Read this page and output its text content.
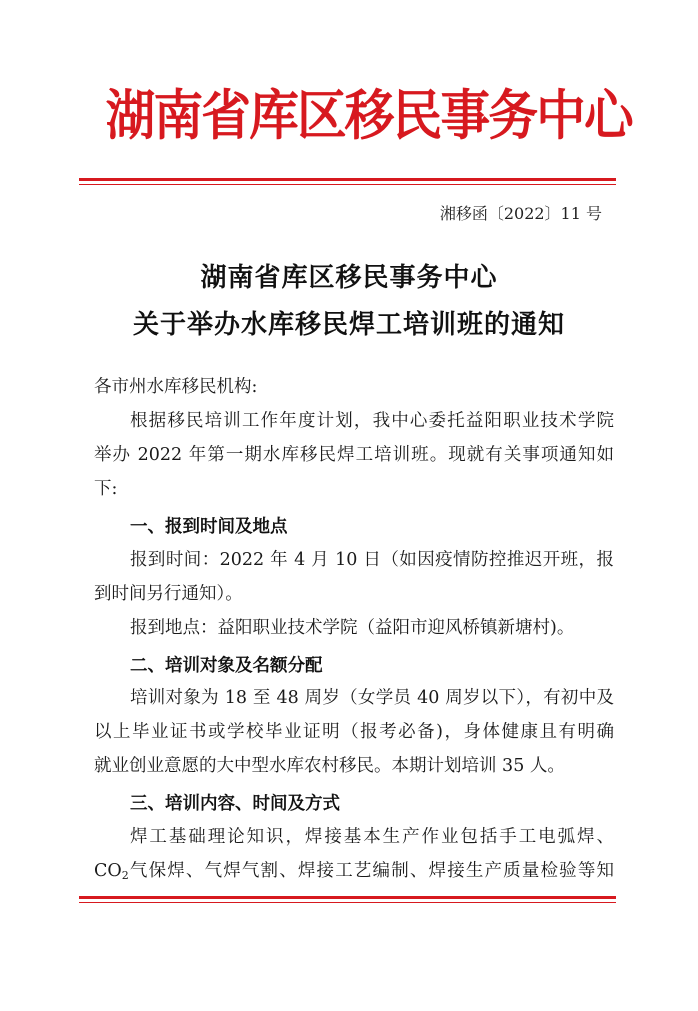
湖南省库区移民事务中心
湘移函〔2022〕11 号
湖南省库区移民事务中心
关于举办水库移民焊工培训班的通知
各市州水库移民机构:
根据移民培训工作年度计划，我中心委托益阳职业技术学院
举办 2022 年第一期水库移民焊工培训班。现就有关事项通知如
下:
一、报到时间及地点
报到时间：2022 年 4 月 10 日（如因疫情防控推迟开班，报
到时间另行通知）。
报到地点：益阳职业技术学院（益阳市迎风桥镇新塘村)。
二、培训对象及名额分配
培训对象为 18 至 48 周岁（女学员 40 周岁以下），有初中及
以上毕业证书或学校毕业证明（报考必备)，身体健康且有明确
就业创业意愿的大中型水库农村移民。本期计划培训 35 人。
三、培训内容、时间及方式
焊工基础理论知识，焊接基本生产作业包括手工电弧焊、
$CO_2$气保焊、气焊气割、焊接工艺编制、焊接生产质量检验等知
